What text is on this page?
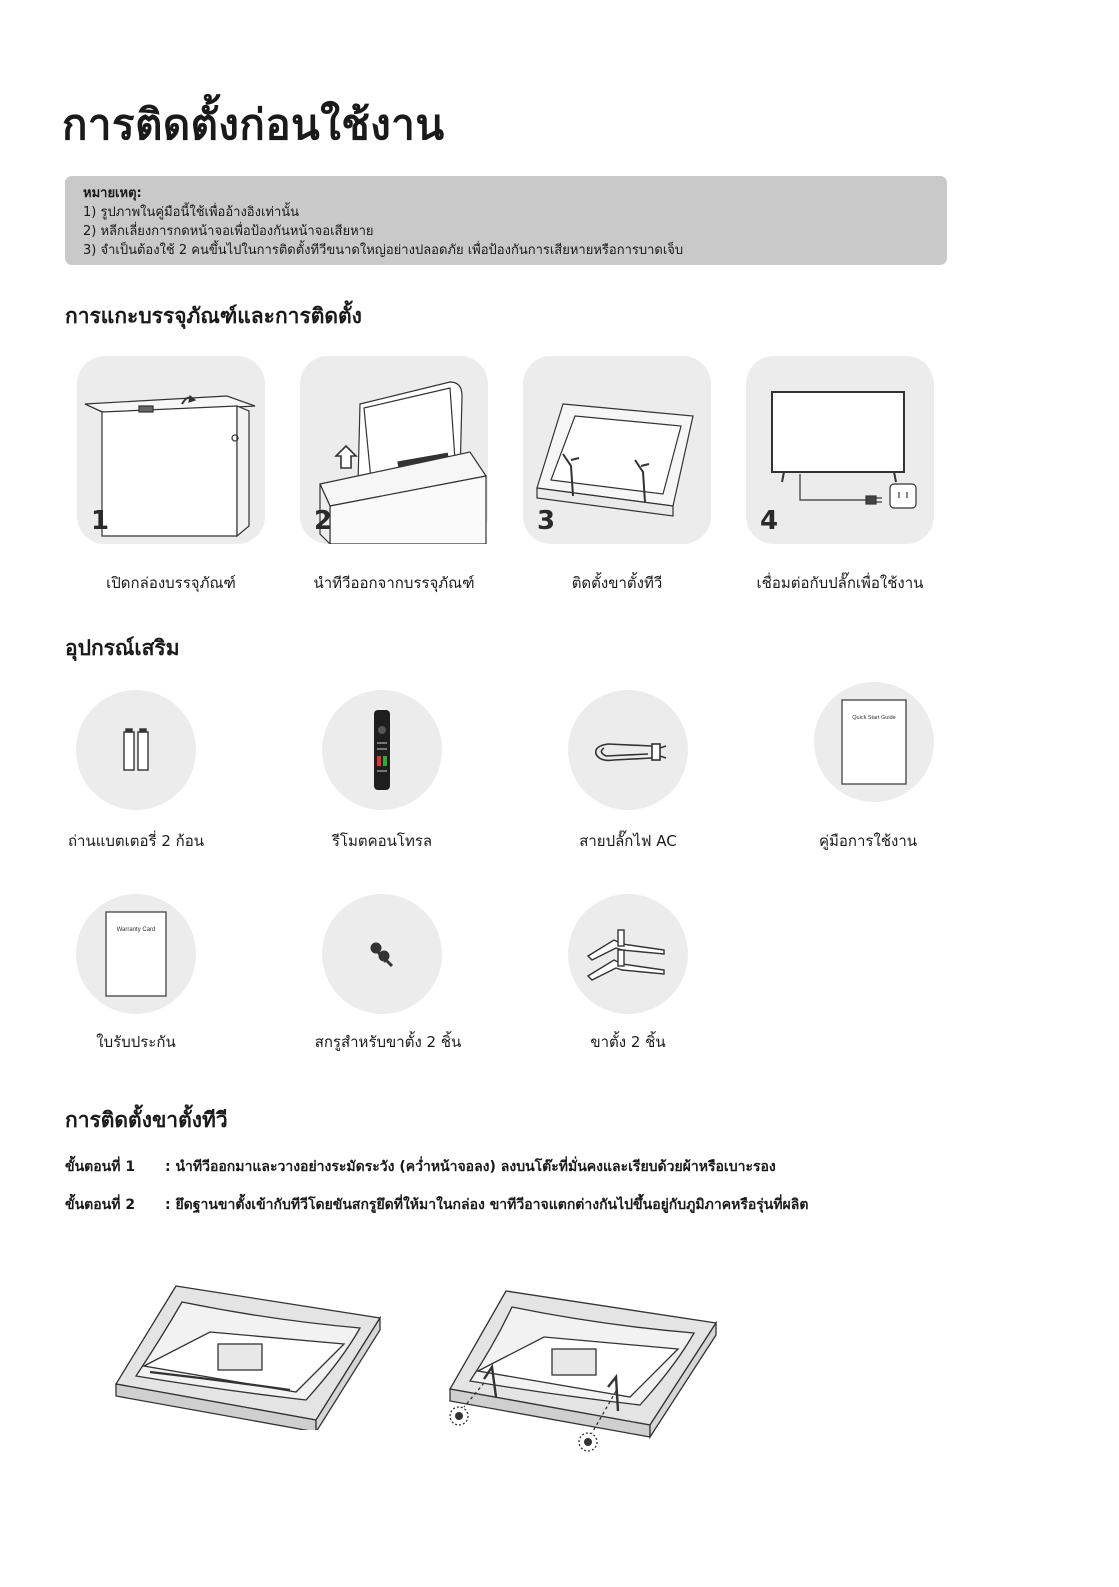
การติดตั้งก่อนใช้งาน
หมายเหตุ:
1) รูปภาพในคู่มือนี้ใช้เพื่ออ้างอิงเท่านั้น
2) หลีกเลี่ยงการกดหน้าจอเพื่อป้องกันหน้าจอเสียหาย
3) จำเป็นต้องใช้ 2 คนขึ้นไปในการติดตั้งทีวีขนาดใหญ่อย่างปลอดภัย เพื่อป้องกันการเสียหายหรือการบาดเจ็บ
การแกะบรรจุภัณฑ์และการติดตั้ง
1
เปิดกล่องบรรจุภัณฑ์
2
นำทีวีออกจากบรรจุภัณฑ์
3
ติดตั้งขาตั้งทีวี
4
เชื่อมต่อกับปลั๊กเพื่อใช้งาน
อุปกรณ์เสริม
ถ่านแบตเตอรี่ 2 ก้อน	รีโมตคอนโทรล	สายปลั๊กไฟ AC
Quick Start Guide
คู่มือการใช้งาน
Warranty Card
ใบรับประกัน	สกรูสำหรับขาตั้ง 2 ชิ้น	ขาตั้ง 2 ชิ้น
การติดตั้งขาตั้งทีวี
ขั้นตอนที่ 1	: นำทีวีออกมาและวางอย่างระมัดระวัง (คว่ำหน้าจอลง) ลงบนโต๊ะที่มั่นคงและเรียบด้วยผ้าหรือเบาะรอง
ขั้นตอนที่ 2	: ยึดฐานขาตั้งเข้ากับทีวีโดยขันสกรูยึดที่ให้มาในกล่อง ขาทีวีอาจแตกต่างกันไปขึ้นอยู่กับภูมิภาคหรือรุ่นที่ผลิต
